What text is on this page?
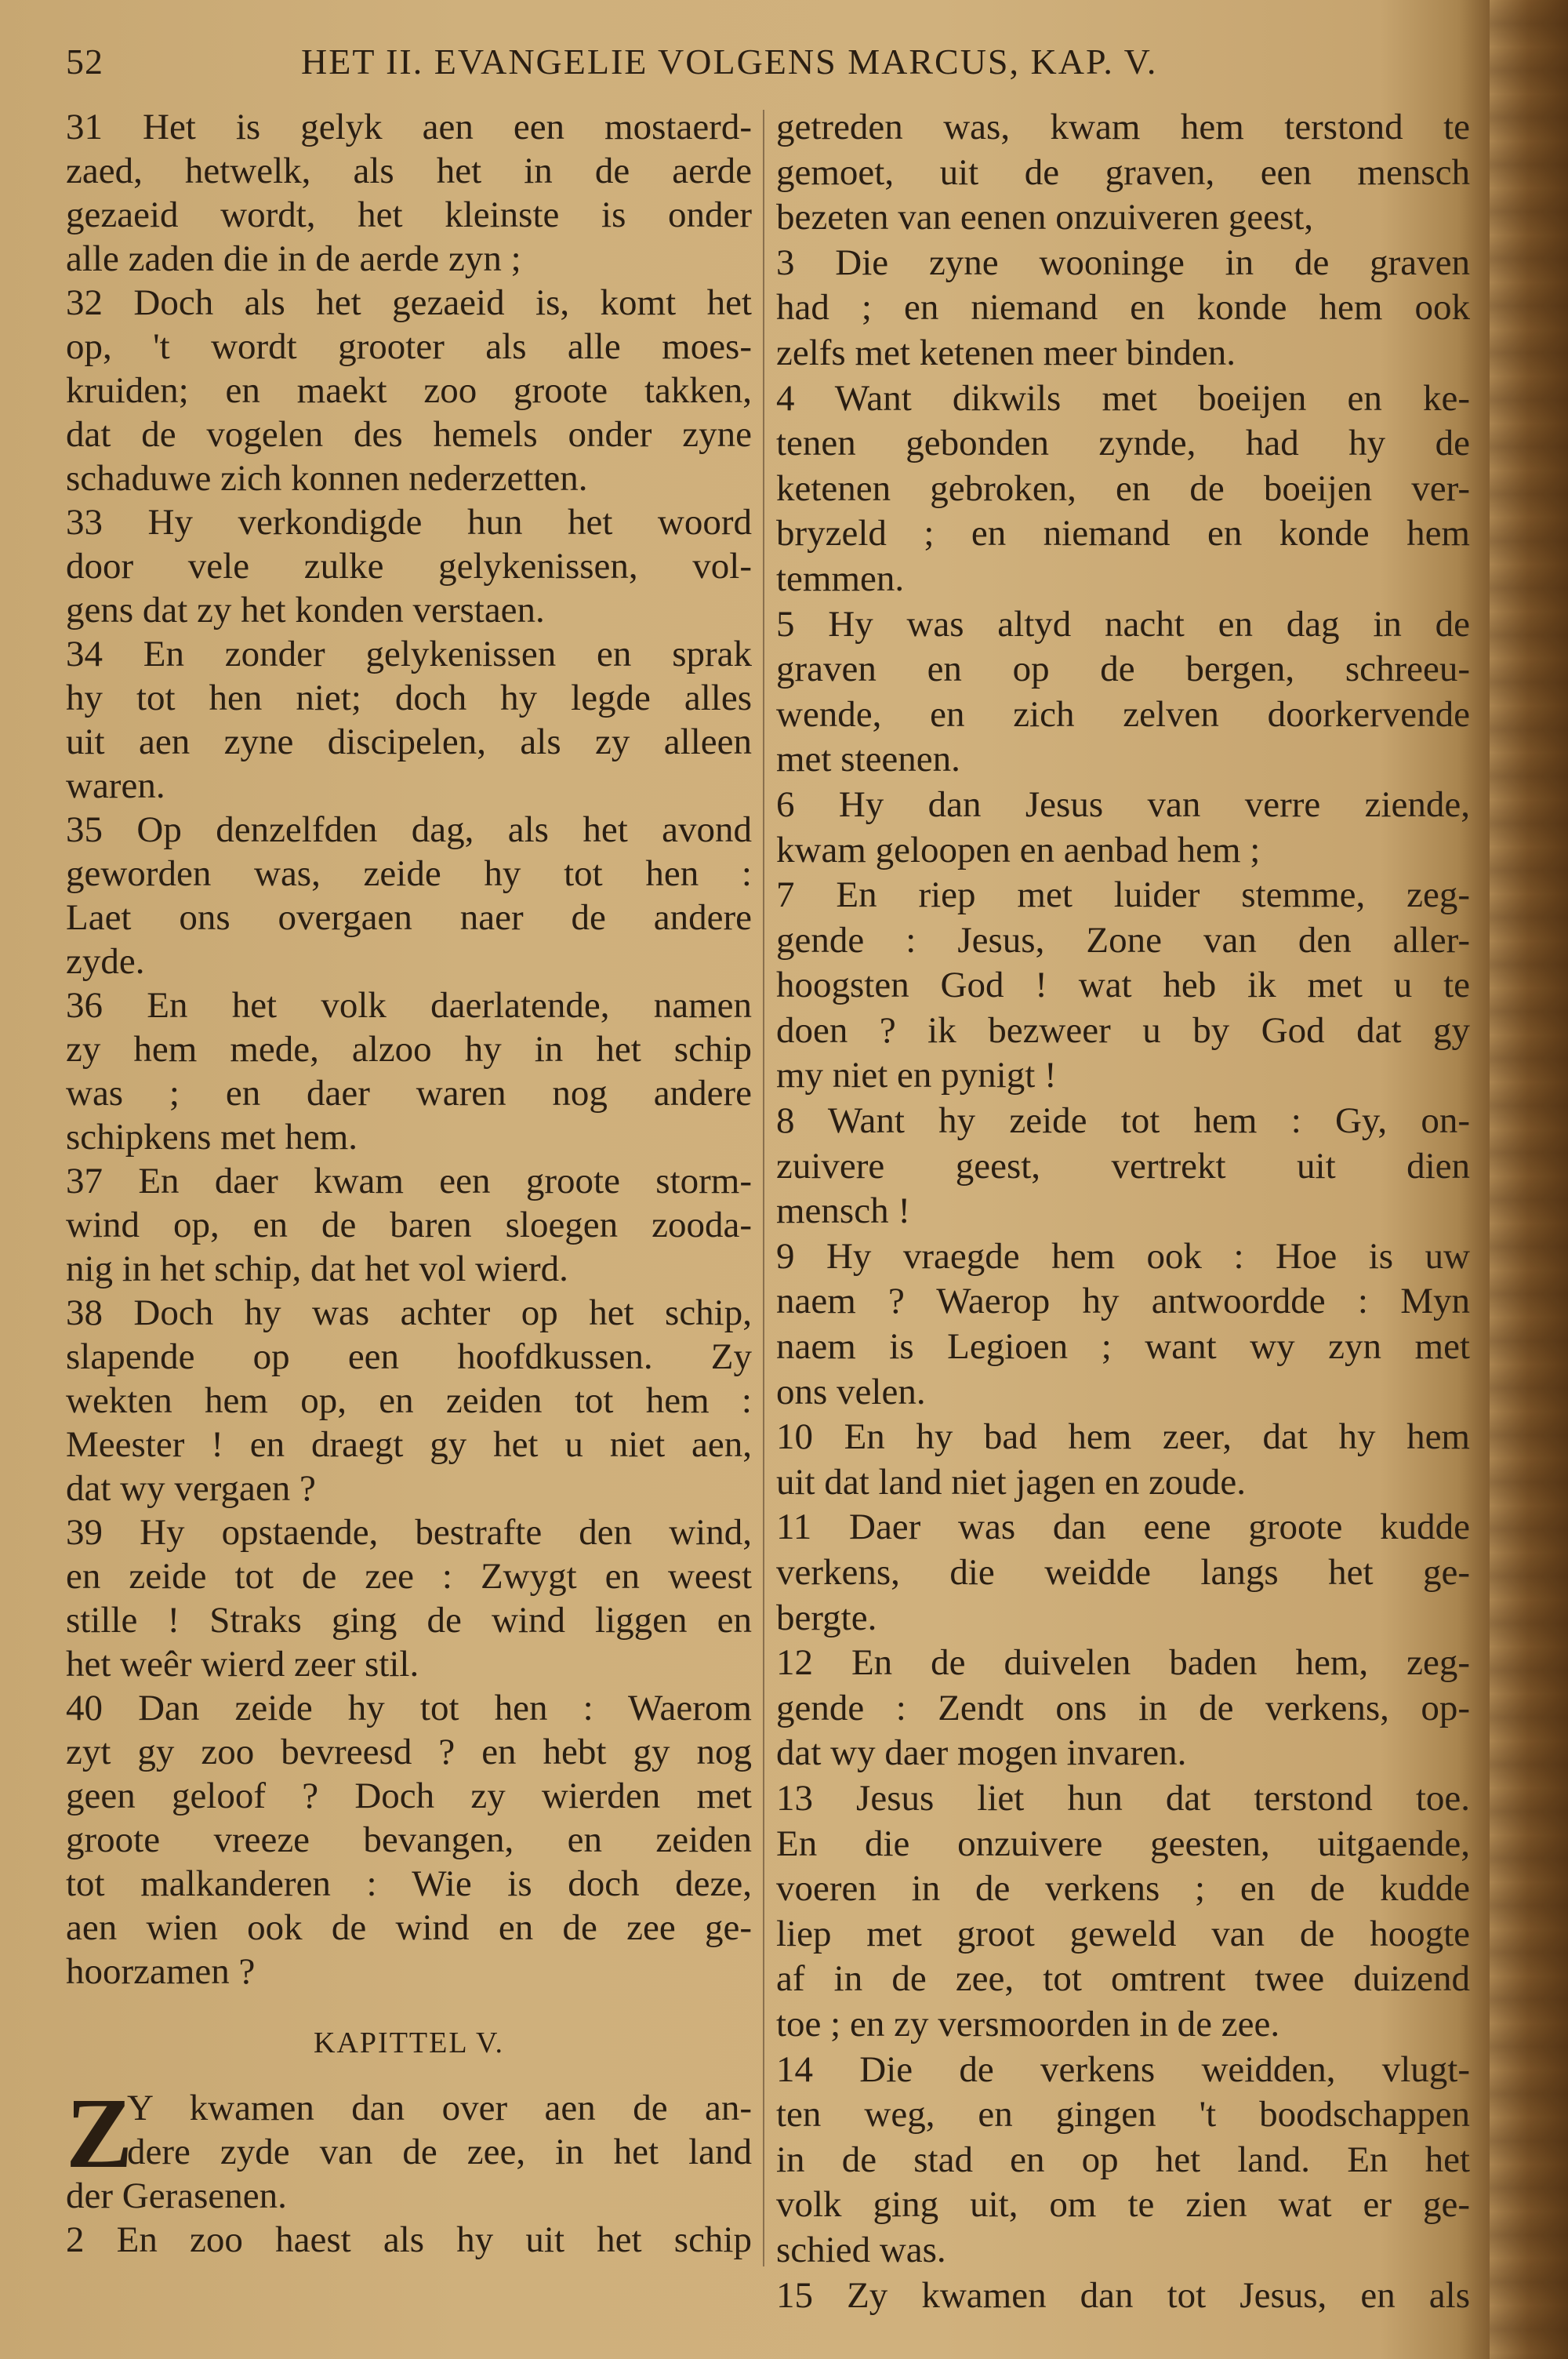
52	HET II. EVANGELIE VOLGENS MARCUS, KAP. V.
31 Het is gelyk aen een mostaerd-
zaed, hetwelk, als het in de aerde
gezaeid wordt, het kleinste is onder
alle zaden die in de aerde zyn ;
32 Doch als het gezaeid is, komt het
op, 't wordt grooter als alle moes-
kruiden; en maekt zoo groote takken,
dat de vogelen des hemels onder zyne
schaduwe zich konnen nederzetten.
33 Hy verkondigde hun het woord
door vele zulke gelykenissen, vol-
gens dat zy het konden verstaen.
34 En zonder gelykenissen en sprak
hy tot hen niet; doch hy legde alles
uit aen zyne discipelen, als zy alleen
waren.
35 Op denzelfden dag, als het avond
geworden was, zeide hy tot hen :
Laet ons overgaen naer de andere
zyde.
36 En het volk daerlatende, namen
zy hem mede, alzoo hy in het schip
was ; en daer waren nog andere
schipkens met hem.
37 En daer kwam een groote storm-
wind op, en de baren sloegen zooda-
nig in het schip, dat het vol wierd.
38 Doch hy was achter op het schip,
slapende op een hoofdkussen. Zy
wekten hem op, en zeiden tot hem :
Meester ! en draegt gy het u niet aen,
dat wy vergaen ?
39 Hy opstaende, bestrafte den wind,
en zeide tot de zee : Zwygt en weest
stille ! Straks ging de wind liggen en
het weêr wierd zeer stil.
40 Dan zeide hy tot hen : Waerom
zyt gy zoo bevreesd ? en hebt gy nog
geen geloof ? Doch zy wierden met
groote vreeze bevangen, en zeiden
tot malkanderen : Wie is doch deze,
aen wien ook de wind en de zee ge-
hoorzamen ?
KAPITTEL V.
Z
Y kwamen dan over aen de an-
dere zyde van de zee, in het land
der Gerasenen.
2 En zoo haest als hy uit het schip
getreden was, kwam hem terstond te
gemoet, uit de graven, een mensch
bezeten van eenen onzuiveren geest,
3 Die zyne wooninge in de graven
had ; en niemand en konde hem ook
zelfs met ketenen meer binden.
4 Want dikwils met boeijen en ke-
tenen gebonden zynde, had hy de
ketenen gebroken, en de boeijen ver-
bryzeld ; en niemand en konde hem
temmen.
5 Hy was altyd nacht en dag in de
graven en op de bergen, schreeu-
wende, en zich zelven doorkervende
met steenen.
6 Hy dan Jesus van verre ziende,
kwam geloopen en aenbad hem ;
7 En riep met luider stemme, zeg-
gende : Jesus, Zone van den aller-
hoogsten God ! wat heb ik met u te
doen ? ik bezweer u by God dat gy
my niet en pynigt !
8 Want hy zeide tot hem : Gy, on-
zuivere geest, vertrekt uit dien
mensch !
9 Hy vraegde hem ook : Hoe is uw
naem ? Waerop hy antwoordde : Myn
naem is Legioen ; want wy zyn met
ons velen.
10 En hy bad hem zeer, dat hy hem
uit dat land niet jagen en zoude.
11 Daer was dan eene groote kudde
verkens, die weidde langs het ge-
bergte.
12 En de duivelen baden hem, zeg-
gende : Zendt ons in de verkens, op-
dat wy daer mogen invaren.
13 Jesus liet hun dat terstond toe.
En die onzuivere geesten, uitgaende,
voeren in de verkens ; en de kudde
liep met groot geweld van de hoogte
af in de zee, tot omtrent twee duizend
toe ; en zy versmoorden in de zee.
14 Die de verkens weidden, vlugt-
ten weg, en gingen 't boodschappen
in de stad en op het land. En het
volk ging uit, om te zien wat er ge-
schied was.
15 Zy kwamen dan tot Jesus, en als
